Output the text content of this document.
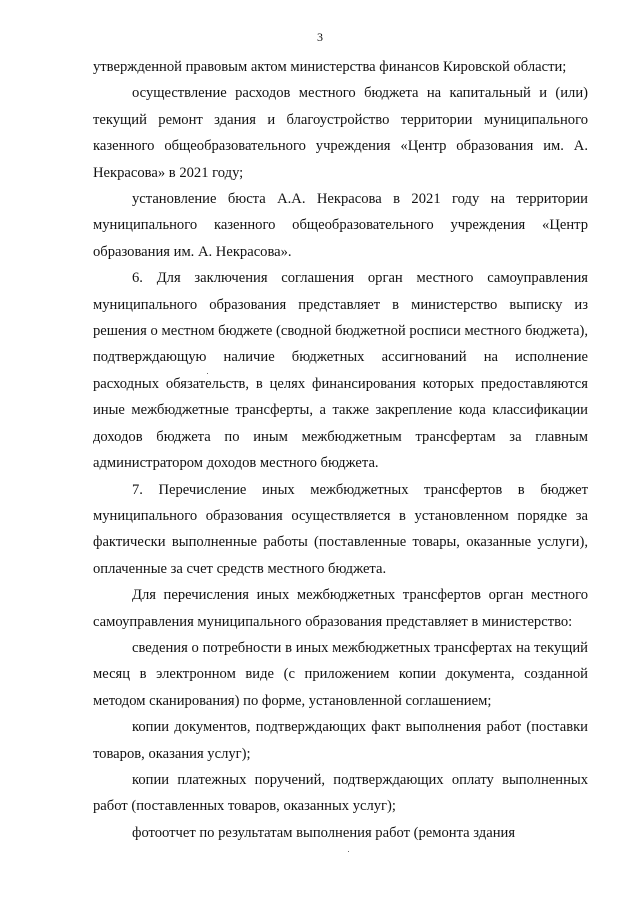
3

утвержденной правовым актом министерства финансов Кировской области;

осуществление расходов местного бюджета на капитальный и (или) текущий ремонт здания и благоустройство территории муниципального казенного общеобразовательного учреждения «Центр образования им. А. Некрасова» в 2021 году;

установление бюста А.А. Некрасова в 2021 году на территории муниципального казенного общеобразовательного учреждения «Центр образования им. А. Некрасова».

6. Для заключения соглашения орган местного самоуправления муниципального образования представляет в министерство выписку из решения о местном бюджете (сводной бюджетной росписи местного бюджета), подтверждающую наличие бюджетных ассигнований на исполнение расходных обязательств, в целях финансирования которых предоставляются иные межбюджетные трансферты, а также закрепление кода классификации доходов бюджета по иным межбюджетным трансфертам за главным администратором доходов местного бюджета.

7. Перечисление иных межбюджетных трансфертов в бюджет муниципального образования осуществляется в установленном порядке за фактически выполненные работы (поставленные товары, оказанные услуги), оплаченные за счет средств местного бюджета.

Для перечисления иных межбюджетных трансфертов орган местного самоуправления муниципального образования представляет в министерство:

сведения о потребности в иных межбюджетных трансфертах на текущий месяц в электронном виде (с приложением копии документа, созданной методом сканирования) по форме, установленной соглашением;

копии документов, подтверждающих факт выполнения работ (поставки товаров, оказания услуг);

копии платежных поручений, подтверждающих оплату выполненных работ (поставленных товаров, оказанных услуг);

фотоотчет по результатам выполнения работ (ремонта здания
